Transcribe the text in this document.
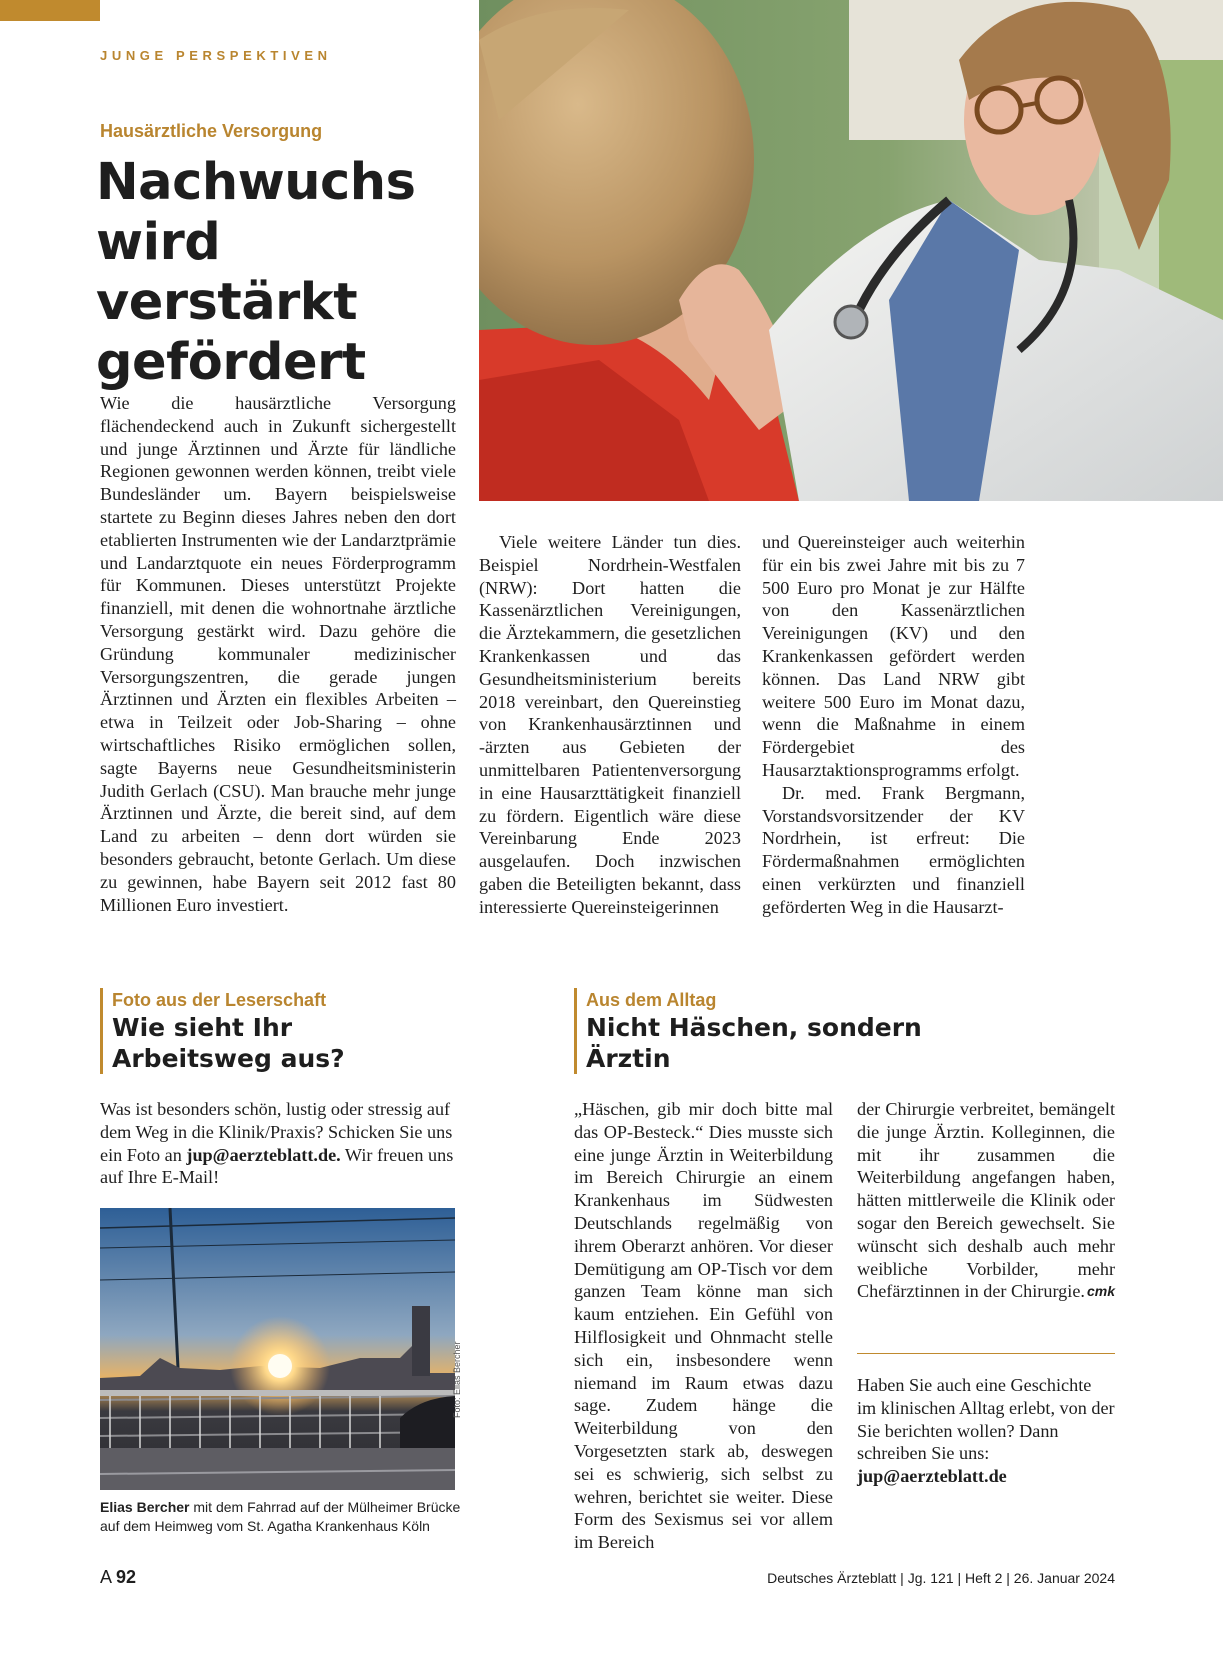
JUNGE PERSPEKTIVEN
Hausärztliche Versorgung
Nachwuchs wird verstärkt gefördert

Wie die hausärztliche Versorgung flächendeckend auch in Zukunft sichergestellt und junge Ärztinnen und Ärzte für ländliche Regionen gewonnen werden können, treibt viele Bundesländer um. Bayern beispielsweise startete zu Beginn dieses Jahres neben den dort etablierten Instrumenten wie der Landarztprämie und Landarztquote ein neues Förderprogramm für Kommunen. Dieses unterstützt Projekte finanziell, mit denen die wohnortnahe ärztliche Versorgung gestärkt wird. Dazu gehöre die Gründung kommunaler medizinischer Versorgungszentren, die gerade jungen Ärztinnen und Ärzten ein flexibles Arbeiten – etwa in Teilzeit oder Job-Sharing – ohne wirtschaftliches Risiko ermöglichen sollen, sagte Bayerns neue Gesundheitsministerin Judith Gerlach (CSU). Man brauche mehr junge Ärztinnen und Ärzte, die bereit sind, auf dem Land zu arbeiten – denn dort würden sie besonders gebraucht, betonte Gerlach. Um diese zu gewinnen, habe Bayern seit 2012 fast 80 Millionen Euro investiert.

Viele weitere Länder tun dies. Beispiel Nordrhein-Westfalen (NRW): Dort hatten die Kassenärztlichen Vereinigungen, die Ärztekammern, die gesetzlichen Krankenkassen und das Gesundheitsministerium bereits 2018 vereinbart, den Quereinstieg von Krankenhausärztinnen und -ärzten aus Gebieten der unmittelbaren Patientenversorgung in eine Hausarzttätigkeit finanziell zu fördern. Eigentlich wäre diese Vereinbarung Ende 2023 ausgelaufen. Doch inzwischen gaben die Beteiligten bekannt, dass interessierte Quereinsteigerinnen

und Quereinsteiger auch weiterhin für ein bis zwei Jahre mit bis zu 7 500 Euro pro Monat je zur Hälfte von den Kassenärztlichen Vereinigungen (KV) und den Krankenkassen gefördert werden können. Das Land NRW gibt weitere 500 Euro im Monat dazu, wenn die Maßnahme in einem Fördergebiet des Hausarztaktionsprogramms erfolgt.

Dr. med. Frank Bergmann, Vorstandsvorsitzender der KV Nordrhein, ist erfreut: Die Fördermaßnahmen ermöglichten einen verkürzten und finanziell geförderten Weg in die Hausarzt-

Foto aus der Leserschaft
Wie sieht Ihr Arbeitsweg aus?
Was ist besonders schön, lustig oder stressig auf dem Weg in die Klinik/Praxis? Schicken Sie uns ein Foto an jup@aerzteblatt.de. Wir freuen uns auf Ihre E-Mail!
Foto: Elias Bercher
Elias Bercher mit dem Fahrrad auf der Mülheimer Brücke auf dem Heimweg vom St. Agatha Krankenhaus Köln
Aus dem Alltag
Nicht Häschen, sondern Ärztin

„Häschen, gib mir doch bitte mal das OP-Besteck.“ Dies musste sich eine junge Ärztin in Weiterbildung im Bereich Chirurgie an einem Krankenhaus im Südwesten Deutschlands regelmäßig von ihrem Oberarzt anhören. Vor dieser Demütigung am OP-Tisch vor dem ganzen Team könne man sich kaum entziehen. Ein Gefühl von Hilflosigkeit und Ohnmacht stelle sich ein, insbesondere wenn niemand im Raum etwas dazu sage. Zudem hänge die Weiterbildung von den Vorgesetzten stark ab, deswegen sei es schwierig, sich selbst zu wehren, berichtet sie weiter. Diese Form des Sexismus sei vor allem im Bereich

der Chirurgie verbreitet, bemängelt die junge Ärztin. Kolleginnen, die mit ihr zusammen die Weiterbildung angefangen haben, hätten mittlerweile die Klinik oder sogar den Bereich gewechselt. Sie wünscht sich deshalb auch mehr weibliche Vorbilder, mehr Chefärztinnen in der Chirurgie. cmk

Haben Sie auch eine Geschichte im klinischen Alltag erlebt, von der Sie berichten wollen? Dann schreiben Sie uns:
jup@aerzteblatt.de
A 92	Deutsches Ärzteblatt | Jg. 121 | Heft 2 | 26. Januar 2024
